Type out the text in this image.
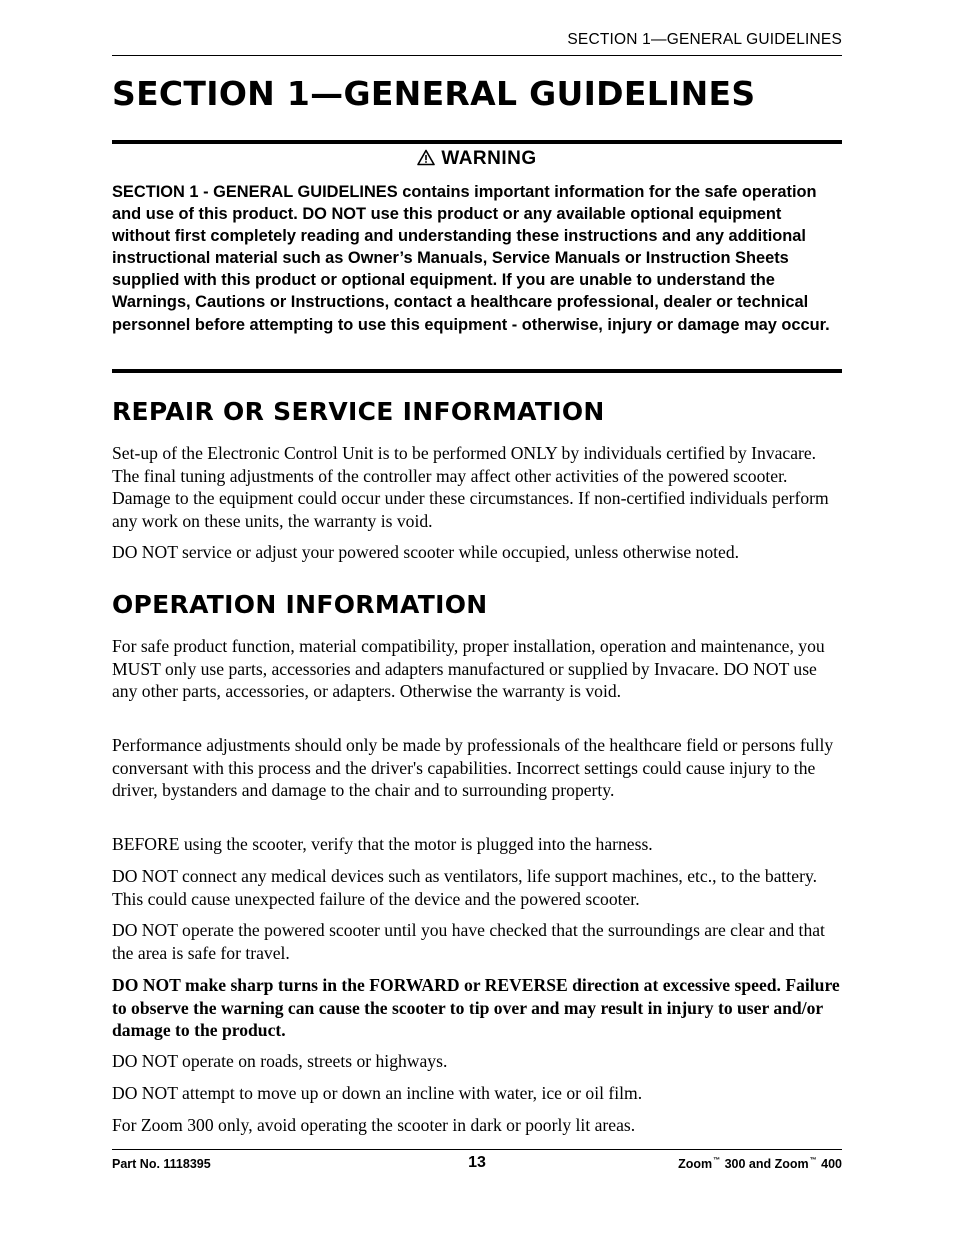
SECTION 1—GENERAL GUIDELINES
SECTION 1—GENERAL GUIDELINES
WARNING

SECTION 1 - GENERAL GUIDELINES contains important information for the safe operation and use of this product. DO NOT use this product or any available optional equipment without first completely reading and understanding these instructions and any additional instructional material such as Owner’s Manuals, Service Manuals or Instruction Sheets supplied with this product or optional equipment. If you are unable to understand the Warnings, Cautions or Instructions, contact a healthcare professional, dealer or technical personnel before attempting to use this equipment - otherwise, injury or damage may occur.

REPAIR OR SERVICE INFORMATION

Set-up of the Electronic Control Unit is to be performed ONLY by individuals certified by Invacare. The final tuning adjustments of the controller may affect other activities of the powered scooter. Damage to the equipment could occur under these circumstances. If non-certified individuals perform any work on these units, the warranty is void.

DO NOT service or adjust your powered scooter while occupied, unless otherwise noted.

OPERATION INFORMATION

For safe product function, material compatibility, proper installation, operation and maintenance, you MUST only use parts, accessories and adapters manufactured or supplied by Invacare. DO NOT use any other parts, accessories, or adapters. Otherwise the warranty is void.

Performance adjustments should only be made by professionals of the healthcare field or persons fully conversant with this process and the driver's capabilities. Incorrect settings could cause injury to the driver, bystanders and damage to the chair and to surrounding property.

BEFORE using the scooter, verify that the motor is plugged into the harness.

DO NOT connect any medical devices such as ventilators, life support machines, etc., to the battery. This could cause unexpected failure of the device and the powered scooter.

DO NOT operate the powered scooter until you have checked that the surroundings are clear and that the area is safe for travel.

DO NOT make sharp turns in the FORWARD or REVERSE direction at excessive speed. Failure to observe the warning can cause the scooter to tip over and may result in injury to user and/or damage to the product.

DO NOT operate on roads, streets or highways.

DO NOT attempt to move up or down an incline with water, ice or oil film.

For Zoom 300 only, avoid operating the scooter in dark or poorly lit areas.

Part No. 1118395	13	Zoom™ 300 and Zoom™ 400
